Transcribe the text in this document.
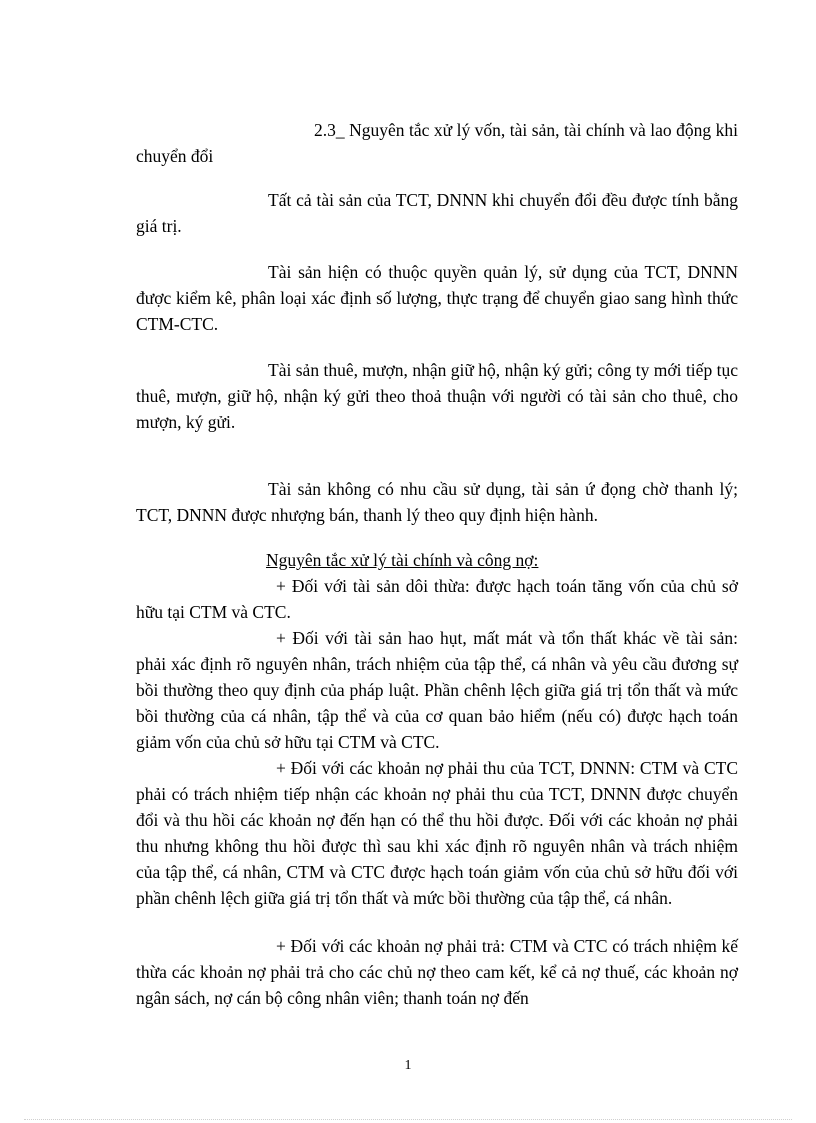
2.3_ Nguyên tắc xử lý vốn, tài sản, tài chính và lao động khi chuyển đổi

Tất cả tài sản của TCT, DNNN khi chuyển đổi đều được tính bằng giá trị.

Tài sản hiện có thuộc quyền quản lý, sử dụng của TCT, DNNN được kiểm kê, phân loại xác định số lượng, thực trạng để chuyển giao sang hình thức CTM-CTC.

Tài sản thuê, mượn, nhận giữ hộ, nhận ký gửi; công ty mới tiếp tục thuê, mượn, giữ hộ, nhận ký gửi theo thoả thuận với người có tài sản cho thuê, cho mượn, ký gửi.

Tài sản không có nhu cầu sử dụng, tài sản ứ đọng chờ thanh lý; TCT, DNNN được nhượng bán, thanh lý theo quy định hiện hành.

Nguyên tắc xử lý tài chính và công nợ:

+ Đối với tài sản dôi thừa: được hạch toán tăng vốn của chủ sở hữu tại CTM và CTC.

+ Đối với tài sản hao hụt, mất mát và tổn thất khác về tài sản: phải xác định rõ nguyên nhân, trách nhiệm của tập thể, cá nhân và yêu cầu đương sự bồi thường theo quy định của pháp luật. Phần chênh lệch giữa giá trị tổn thất và mức bồi thường của cá nhân, tập thể và của cơ quan bảo hiểm (nếu có) được hạch toán giảm vốn của chủ sở hữu tại CTM và CTC.

+ Đối với các khoản nợ phải thu của TCT, DNNN: CTM và CTC phải có trách nhiệm tiếp nhận các khoản nợ phải thu của TCT, DNNN được chuyển đổi và thu hồi các khoản nợ đến hạn có thể thu hồi được. Đối với các khoản nợ phải thu nhưng không thu hồi được thì sau khi xác định rõ nguyên nhân và trách nhiệm của tập thể, cá nhân, CTM và CTC được hạch toán giảm vốn của chủ sở hữu đối với phần chênh lệch giữa giá trị tổn thất và mức bồi thường của tập thể, cá nhân.

+ Đối với các khoản nợ phải trả: CTM và CTC có trách nhiệm kế thừa các khoản nợ phải trả cho các chủ nợ theo cam kết, kể cả nợ thuế, các khoản nợ ngân sách, nợ cán bộ công nhân viên; thanh toán nợ đến

1
